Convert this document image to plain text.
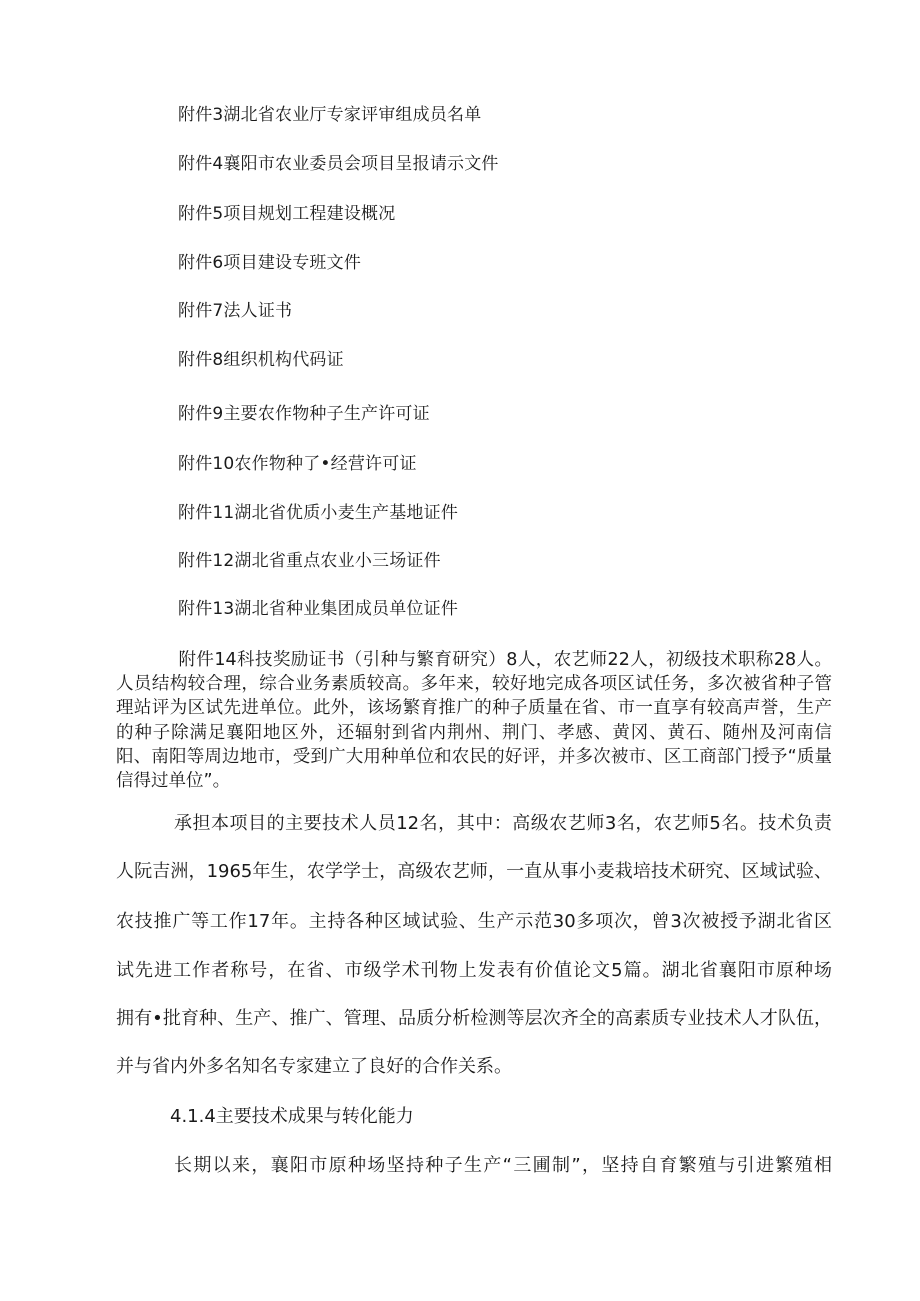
附件3湖北省农业厅专家评审组成员名单
附件4襄阳市农业委员会项目呈报请示文件
附件5项目规划工程建设概况
附件6项目建设专班文件
附件7法人证书
附件8组织机构代码证
附件9主要农作物种子生产许可证
附件10农作物种了•经营许可证
附件11湖北省优质小麦生产基地证件
附件12湖北省重点农业小三场证件
附件13湖北省种业集团成员单位证件

附件14科技奖励证书（引种与繁育研究）8人，农艺师22人，初级技术职称28人。人员结构较合理，综合业务素质较高。多年来，较好地完成各项区试任务，多次被省种子管理站评为区试先进单位。此外，该场繁育推广的种子质量在省、市一直享有较高声誉，生产的种子除满足襄阳地区外，还辐射到省内荆州、荆门、孝感、黄冈、黄石、随州及河南信阳、南阳等周边地市，受到广大用种单位和农民的好评，并多次被市、区工商部门授予“质量信得过单位”。

承担本项目的主要技术人员12名，其中：高级农艺师3名，农艺师5名。技术负责
人阮吉洲，1965年生，农学学士，高级农艺师，一直从事小麦栽培技术研究、区域试验、
农技推广等工作17年。主持各种区域试验、生产示范30多项次，曾3次被授予湖北省区
试先进工作者称号，在省、市级学术刊物上发表有价值论文5篇。湖北省襄阳市原种场
拥有•批育种、生产、推广、管理、品质分析检测等层次齐全的高素质专业技术人才队伍，
并与省内外多名知名专家建立了良好的合作关系。
4.1.4主要技术成果与转化能力
长期以来，襄阳市原种场坚持种子生产“三圃制”，坚持自育繁殖与引进繁殖相
